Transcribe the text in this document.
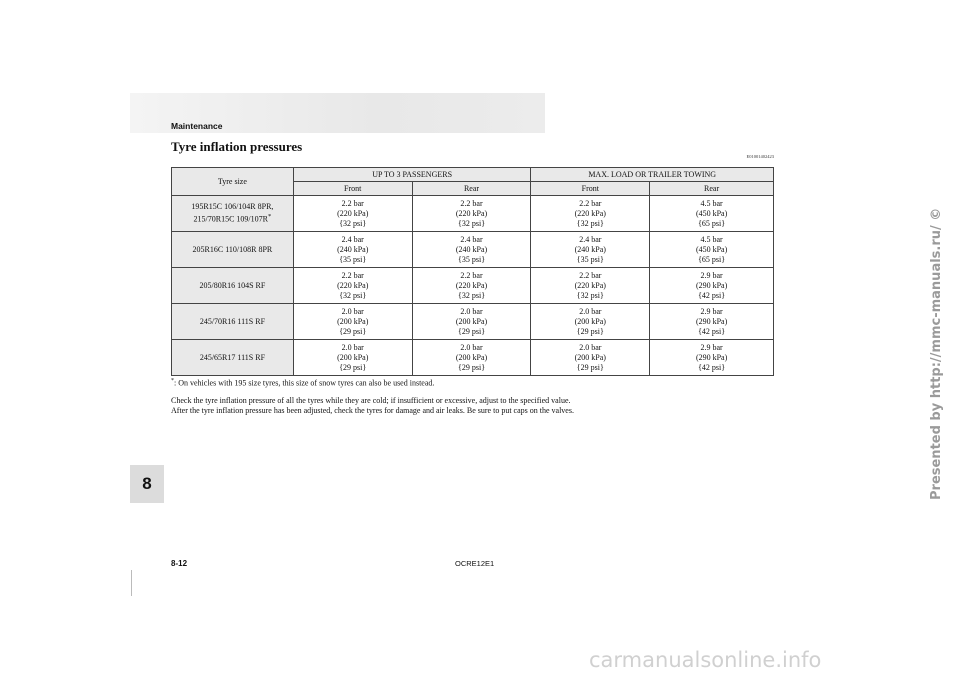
Maintenance
Tyre inflation pressures
E01001402423
Tyre size	UP TO 3 PASSENGERS		MAX. LOAD OR TRAILER TOWING	
	Front	Rear	Front	Rear

195R15C 106/104R 8PR,
215/70R15C 109/107R*	2.2 bar
(220 kPa)
{32 psi}	2.2 bar
(220 kPa)
{32 psi}	2.2 bar
(220 kPa)
{32 psi}	4.5 bar
(450 kPa)
{65 psi}

205R16C 110/108R 8PR	2.4 bar
(240 kPa)
{35 psi}	2.4 bar
(240 kPa)
{35 psi}	2.4 bar
(240 kPa)
{35 psi}	4.5 bar
(450 kPa)
{65 psi}

205/80R16 104S RF	2.2 bar
(220 kPa)
{32 psi}	2.2 bar
(220 kPa)
{32 psi}	2.2 bar
(220 kPa)
{32 psi}	2.9 bar
(290 kPa)
{42 psi}

245/70R16 111S RF	2.0 bar
(200 kPa)
{29 psi}	2.0 bar
(200 kPa)
{29 psi}	2.0 bar
(200 kPa)
{29 psi}	2.9 bar
(290 kPa)
{42 psi}

245/65R17 111S RF	2.0 bar
(200 kPa)
{29 psi}	2.0 bar
(200 kPa)
{29 psi}	2.0 bar
(200 kPa)
{29 psi}	2.9 bar
(290 kPa)
{42 psi}
*: On vehicles with 195 size tyres, this size of snow tyres can also be used instead.
Check the tyre inflation pressure of all the tyres while they are cold; if insufficient or excessive, adjust to the specified value.
After the tyre inflation pressure has been adjusted, check the tyres for damage and air leaks. Be sure to put caps on the valves.
8
8-12	OCRE12E1
Presented by http://mmc-manuals.ru/ ©
carmanualsonline.info
